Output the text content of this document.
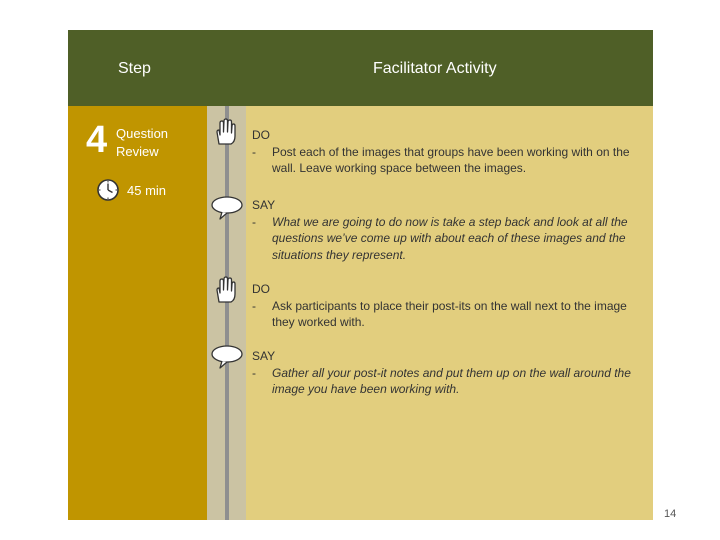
Step	Facilitator Activity
4 Question
Review
45 min
DO
-	Post each of the images that groups have been working with on the wall. Leave working space between the images.
SAY
-	What we are going to do now is take a step back and look at all the questions we’ve come up with about each of these images and the situations they represent.
DO
-	Ask participants to place their post-its on the wall next to the image they worked with.
SAY
-	Gather all your post-it notes and put them up on the wall around the image you have been working with.
14
